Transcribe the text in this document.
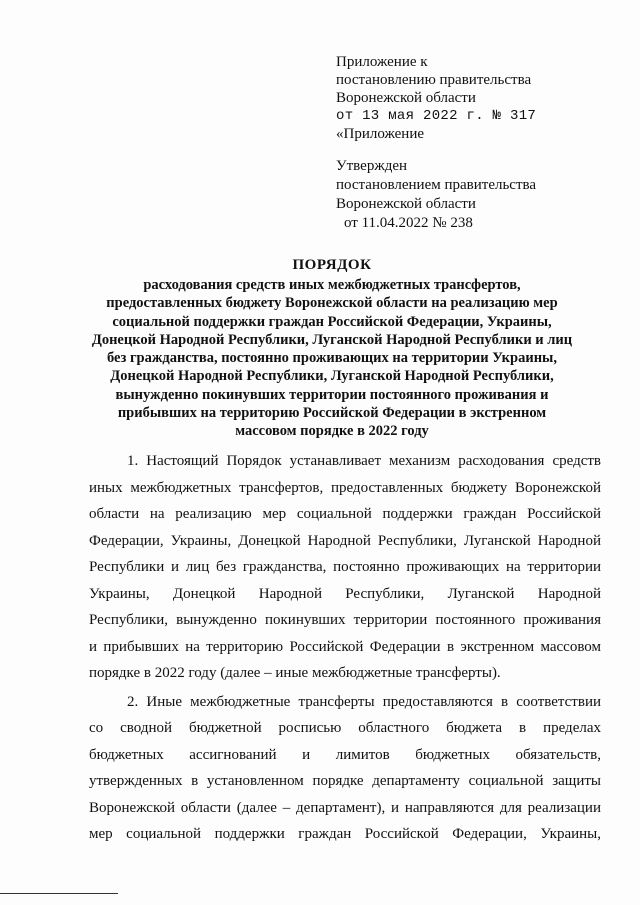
Приложение к
постановлению правительства
Воронежской области
от 13 мая 2022 г. № 317
«Приложение
Утвержден
постановлением правительства
Воронежской области
от 11.04.2022 № 238
ПОРЯДОК
расходования средств иных межбюджетных трансфертов,
предоставленных бюджету Воронежской области на реализацию мер
социальной поддержки граждан Российской Федерации, Украины,
Донецкой Народной Республики, Луганской Народной Республики и лиц
без гражданства, постоянно проживающих на территории Украины,
Донецкой Народной Республики, Луганской Народной Республики,
вынужденно покинувших территории постоянного проживания и
прибывших на территорию Российской Федерации в экстренном
массовом порядке в 2022 году
1. Настоящий Порядок устанавливает механизм расходования средств
иных межбюджетных трансфертов, предоставленных бюджету Воронежской
области на реализацию мер социальной поддержки граждан Российской
Федерации, Украины, Донецкой Народной Республики, Луганской Народной
Республики и лиц без гражданства, постоянно проживающих на территории
Украины, Донецкой Народной Республики, Луганской Народной
Республики, вынужденно покинувших территории постоянного проживания
и прибывших на территорию Российской Федерации в экстренном массовом
порядке в 2022 году (далее – иные межбюджетные трансферты).
2. Иные межбюджетные трансферты предоставляются в соответствии
со сводной бюджетной росписью областного бюджета в пределах
бюджетных ассигнований и лимитов бюджетных обязательств,
утвержденных в установленном порядке департаменту социальной защиты
Воронежской области (далее – департамент), и направляются для реализации
мер социальной поддержки граждан Российской Федерации, Украины,
